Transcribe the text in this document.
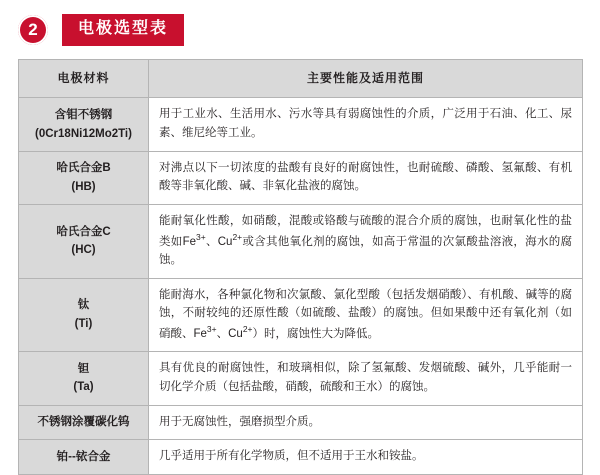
2	电极选型表
电极材料	主要性能及适用范围

含钼不锈钢
(0Cr18Ni12Mo2Ti)	用于工业水、生活用水、污水等具有弱腐蚀性的介质，广泛用于石油、化工、尿素、维尼纶等工业。

哈氏合金B
(HB)	对沸点以下一切浓度的盐酸有良好的耐腐蚀性，也耐硫酸、磷酸、氢氟酸、有机酸等非氧化酸、碱、非氧化盐液的腐蚀。

哈氏合金C
(HC)	能耐氧化性酸，如硝酸，混酸或铬酸与硫酸的混合介质的腐蚀，也耐氧化性的盐类如$Fe^{3+}$、$Cu^{2+}$或含其他氧化剂的腐蚀，如高于常温的次氯酸盐溶液，海水的腐蚀。

钛
(Ti)	能耐海水，各种氯化物和次氯酸、氯化型酸（包括发烟硝酸）、有机酸、碱等的腐蚀，不耐较纯的还原性酸（如硫酸、盐酸）的腐蚀。但如果酸中还有氧化剂（如硝酸、$Fe^{3+}$、$Cu^{2+}$）时，腐蚀性大为降低。

钽
(Ta)	具有优良的耐腐蚀性，和玻璃相似，除了氢氟酸、发烟硫酸、碱外，几乎能耐一切化学介质（包括盐酸，硝酸，硫酸和王水）的腐蚀。

不锈钢涂覆碳化钨	用于无腐蚀性，强磨损型介质。

铂--铱合金	几乎适用于所有化学物质，但不适用于王水和铵盐。
